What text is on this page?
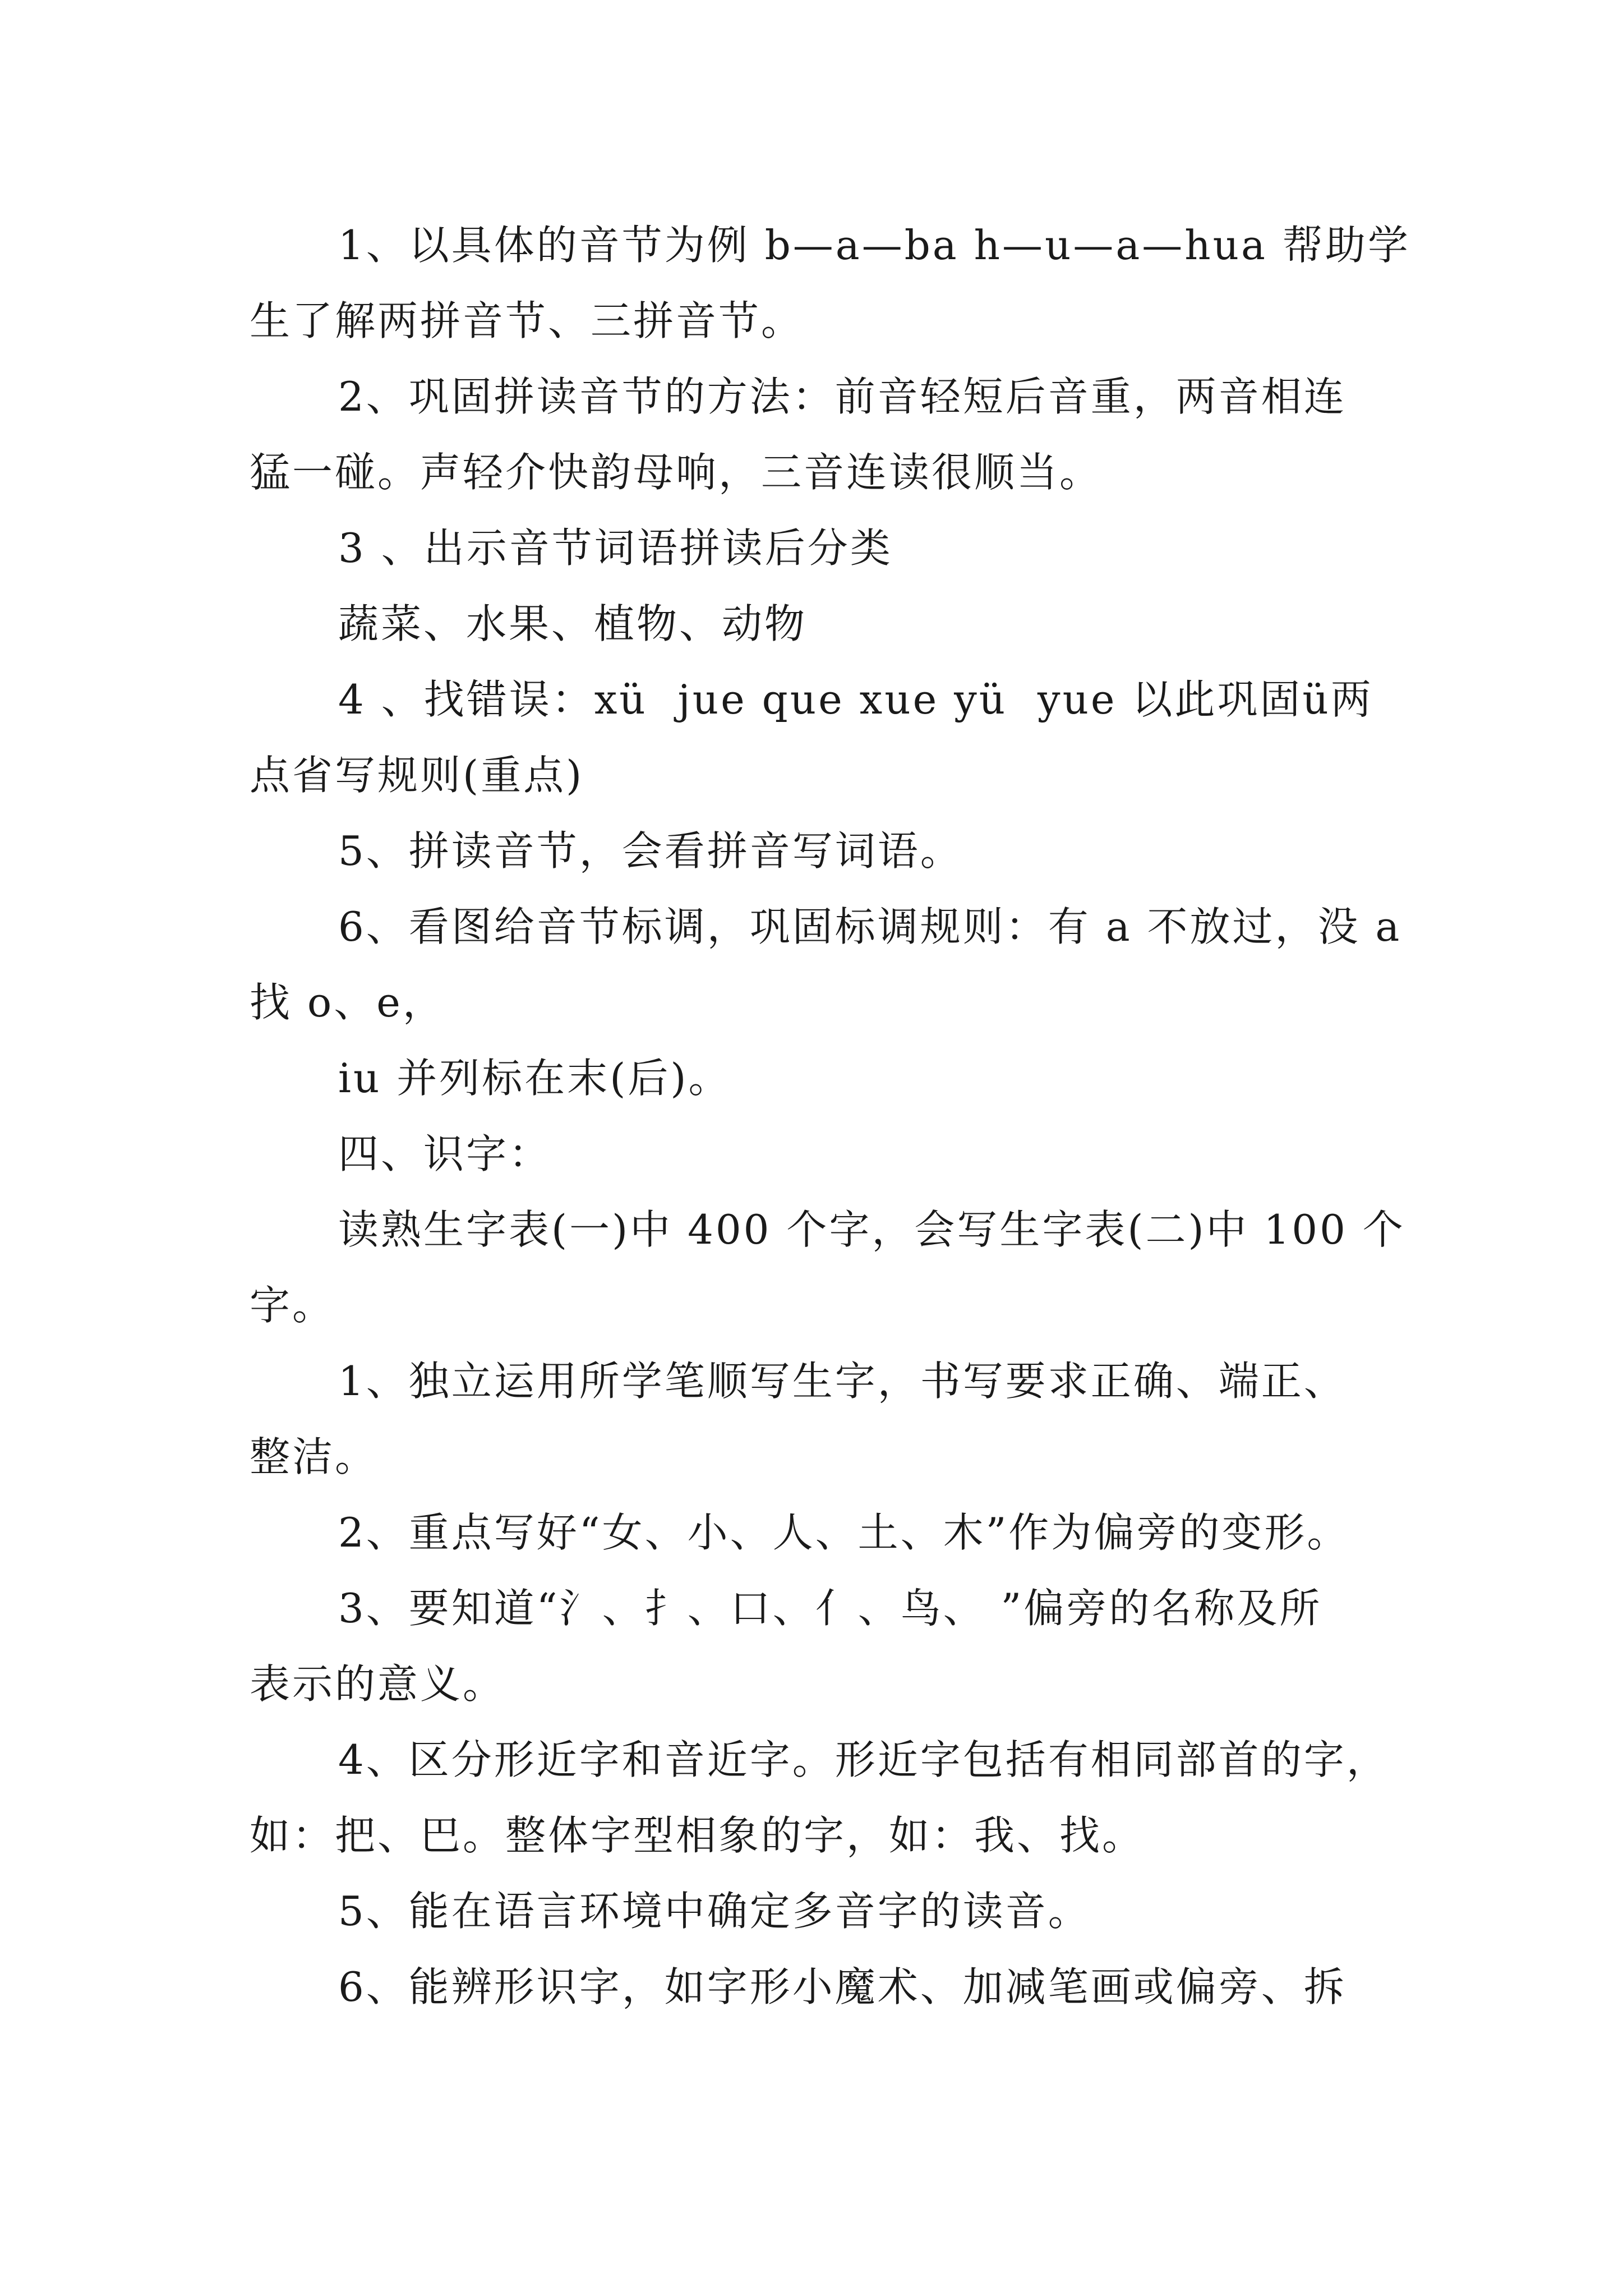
1、以具体的音节为例 b—a—ba h—u—a—hua 帮助学
生了解两拼音节、三拼音节。
2、巩固拼读音节的方法：前音轻短后音重，两音相连
猛一碰。声轻介快韵母响，三音连读很顺当。
3 、出示音节词语拼读后分类
蔬菜、水果、植物、动物
4 、找错误：xü  jue que xue yü  yue 以此巩固ü两
点省写规则(重点)
5、拼读音节，会看拼音写词语。
6、看图给音节标调，巩固标调规则：有 a 不放过，没 a
找 o、e，
iu 并列标在末(后)。
四、识字：
读熟生字表(一)中 400 个字，会写生字表(二)中 100 个
字。
1、独立运用所学笔顺写生字，书写要求正确、端正、
整洁。
2、重点写好“女、小、人、土、木”作为偏旁的变形。
3、要知道“氵、扌、口、亻、鸟、 ”偏旁的名称及所
表示的意义。
4、区分形近字和音近字。形近字包括有相同部首的字，
如：把、巴。整体字型相象的字，如：我、找。
5、能在语言环境中确定多音字的读音。
6、能辨形识字，如字形小魔术、加减笔画或偏旁、拆
